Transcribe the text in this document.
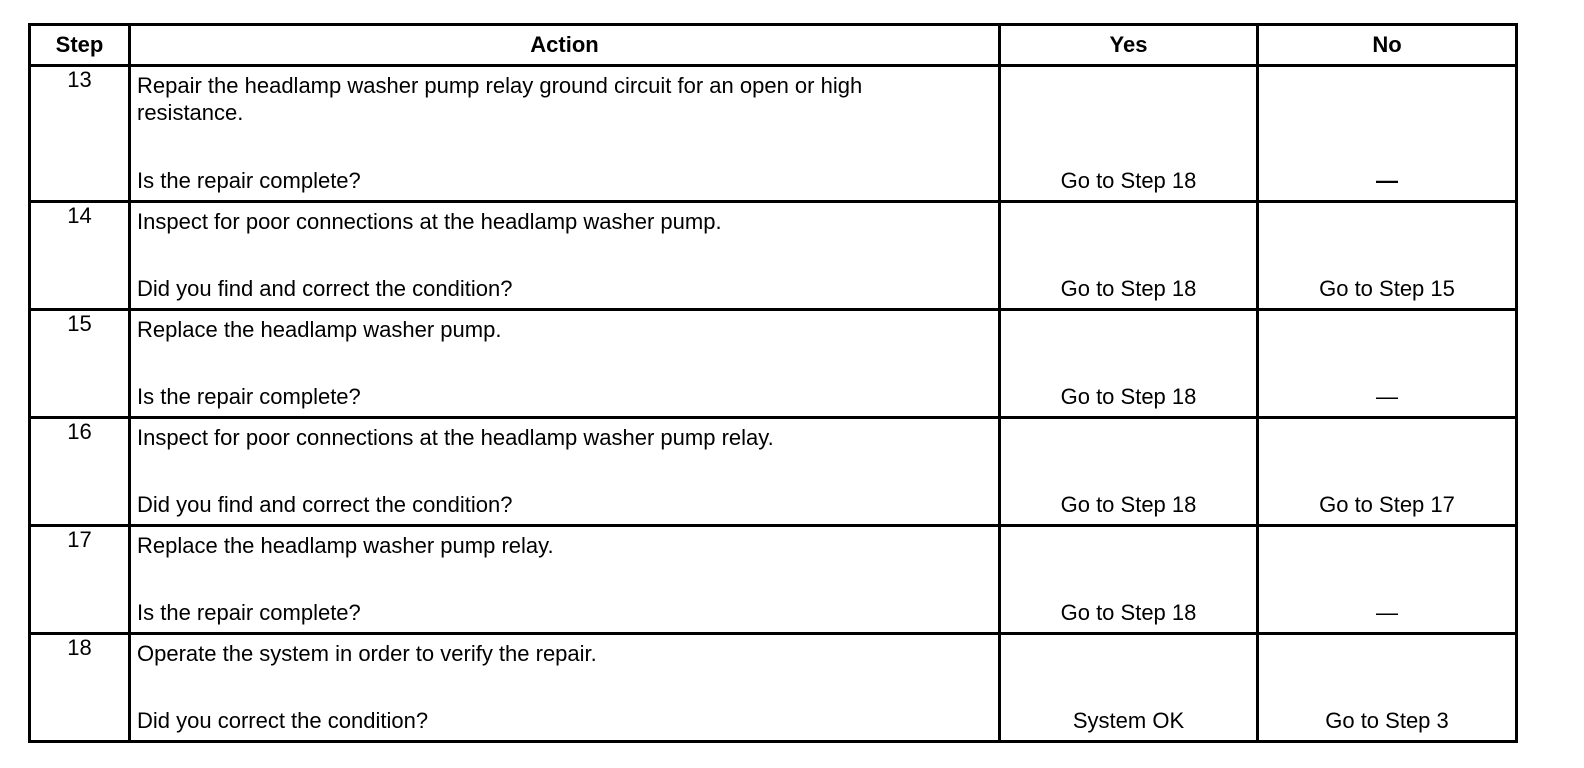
Step	Action	Yes	No
13	Repair the headlamp washer pump relay ground circuit for an open or high resistance.
Is the repair complete?	Go to Step 18	—

14	Inspect for poor connections at the headlamp washer pump.
Did you find and correct the condition?	Go to Step 18	Go to Step 15

15	Replace the headlamp washer pump.
Is the repair complete?	Go to Step 18	—

16	Inspect for poor connections at the headlamp washer pump relay.
Did you find and correct the condition?	Go to Step 18	Go to Step 17

17	Replace the headlamp washer pump relay.
Is the repair complete?	Go to Step 18	—

18	Operate the system in order to verify the repair.
Did you correct the condition?	System OK	Go to Step 3
